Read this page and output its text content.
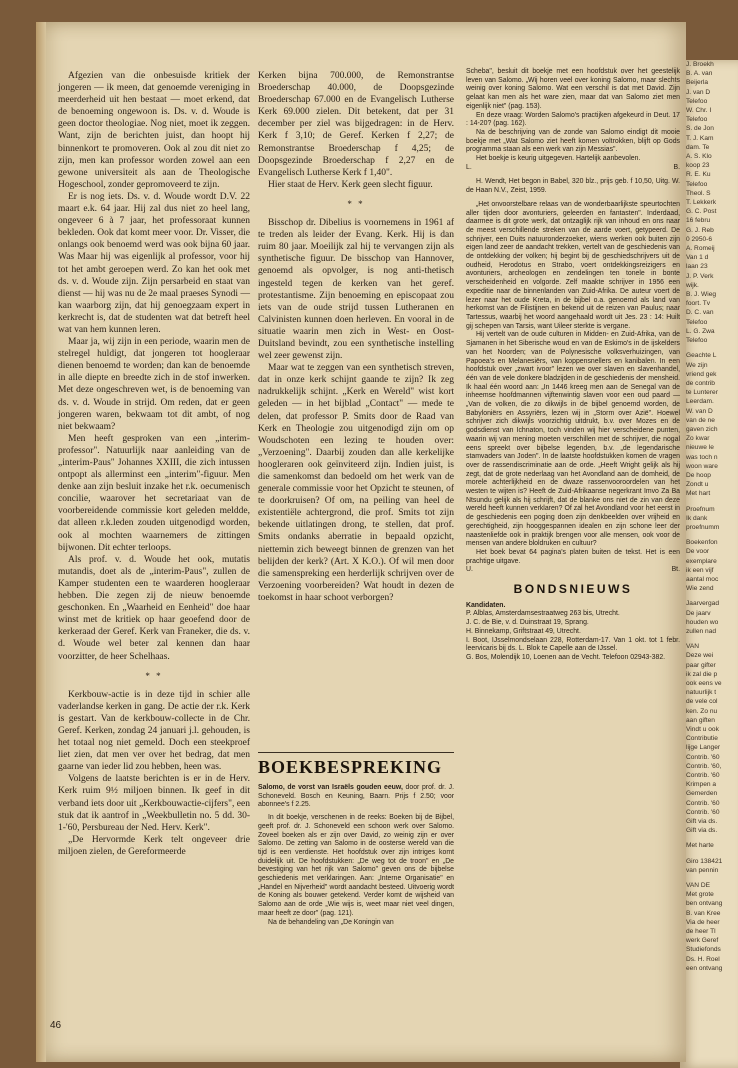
J. Broekh
B. A. van
Beijerla
J. van D
Telefoo
W. Chr. I
Telefoo
S. de Jon
T. J. Kam
dam. Te
A. S. Klo
koop 23
R. E. Ku
Telefoo
Theol. S
T. Lekkerk
G. C. Post
16 febru
G. J. Reb
0 2950-6
A. Romeij
Van 1 d
laan 23
J. P. Verk
wijk.
B. J. Wieg
foort. Tv
D. C. van
Telefoo
L. G. Zwa
Telefoo
Geachte L
We zijn
vriend gek
de contrib
te Lunterer
Leerdam.
W. van D
van de ne
gaven zich
Zo kwar
nieuwe le
was toch n
woon ware
De hoop
Zondt u
Met hart
Proefnum
Ik dank
proefnumm
Boekenfon
De voor
exemplare
ik een vijf
aantal moc
Wie zend
Jaarvergad
De jaarv
houden wo
zullen nad
VAN
Deze wei
paar gifter
ik zal die p
ook eens ve
natuurlijk t
de vele col
ken. Zo nu
aan giften
Vindt u ook
Contributie
lijge Langer
Contrib. '60
Contrib. '60,
Contrib. '60
Krimpen a
Gemerden
Contrib. '60
Contrib. '60
Gift via ds.
Gift via ds.
Met harte
Giro 138421
van pennin
VAN DE
Met grote
ben ontvang
B. van Kree
Via de heer
de heer Tl
werk Geref
Studiefonds
Ds. H. Roel
een ontvang

Afgezien van die onbesuisde kritiek der jongeren — ik meen, dat genoemde vereniging in meerderheid uit hen bestaat — moet erkend, dat de benoeming ongewoon is. Ds. v. d. Woude is geen doctor theologiae. Nog niet, moet ik zeggen. Want, zijn de berichten juist, dan hoopt hij binnenkort te promoveren. Ook al zou dit niet zo zijn, men kan professor worden zowel aan een gewone universiteit als aan de Theologische Hogeschool, zonder gepromoveerd te zijn.

Er is nog iets. Ds. v. d. Woude wordt D.V. 22 maart e.k. 64 jaar. Hij zal dus niet zo heel lang, ongeveer 6 à 7 jaar, het professoraat kunnen bekleden. Ook dat komt meer voor. Dr. Visser, die onlangs ook benoemd werd was ook bijna 60 jaar. Was Maar hij was eigenlijk al professor, voor hij tot het ambt geroepen werd. Zo kan het ook met ds. v. d. Woude zijn. Zijn persarbeid en staat van dienst — hij was nu de 2e maal praeses Synodi — kan waarborg zijn, dat hij genoegzaam expert in kerkrecht is, dat de studenten wat dat betreft heel wat van hem kunnen leren.

Maar ja, wij zijn in een periode, waarin men de stelregel huldigt, dat jongeren tot hoogleraar dienen benoemd te worden; dan kan de benoemde in alle diepte en breedte zich in de stof inwerken. Met deze ongeschreven wet, is de benoeming van ds. v. d. Woude in strijd. Om reden, dat er geen jongeren waren, bekwaam tot dit ambt, of nog niet bekwaam?

Men heeft gesproken van een „interim-professor". Natuurlijk naar aanleiding van de „interim-Paus" Johannes XXIII, die zich intussen ontpopt als allerminst een „interim"-figuur. Men denke aan zijn besluit inzake het r.k. oecumenisch concilie, waarover het secretariaat van de voorbereidende commissie kort geleden meldde, dat alleen r.k.leden zouden uitgenodigd worden, ook al mochten waarnemers de zittingen bijwonen. Dit echter terloops.

Als prof. v. d. Woude het ook, mutatis mutandis, doet als de „interim-Paus", zullen de Kamper studenten een te waarderen hoogleraar hebben. Die zegen zij de nieuw benoemde geschonken. En „Waarheid en Eenheid" doe haar winst met de kritiek op haar geoefend door de kerkeraad der Geref. Kerk van Franeker, die ds. v. d. Woude wel beter zal kennen dan haar voorzitter, de heer Schelhaas.

* *

Kerkbouw-actie is in deze tijd in schier alle vaderlandse kerken in gang. De actie der r.k. Kerk is gestart. Van de kerkbouw-collecte in de Chr. Geref. Kerken, zondag 24 januari j.l. gehouden, is het totaal nog niet gemeld. Doch een steekproef liet zien, dat men ver over het bedrag, dat men gaarne van ieder lid zou hebben, heen was.

Volgens de laatste berichten is er in de Herv. Kerk ruim 9½ miljoen binnen. Ik geef in dit verband iets door uit „Kerkbouwactie-cijfers", een stuk dat ik aantrof in „Weekbulletin no. 5 dd. 30-1-'60, Persbureau der Ned. Herv. Kerk".

„De Hervormde Kerk telt ongeveer drie miljoen zielen, de Gereformeerde

Kerken bijna 700.000, de Remonstrantse Broederschap 40.000, de Doopsgezinde Broederschap 67.000 en de Evangelisch Lutherse Kerk 69.000 zielen. Dit betekent, dat per 31 december per ziel was bijgedragen: in de Herv. Kerk f 3,10; de Geref. Kerken f 2,27; de Remonstrantse Broederschap f 4,25; de Doopsgezinde Broederschap f 2,27 en de Evangelisch Lutherse Kerk f 1,40".

Hier staat de Herv. Kerk geen slecht figuur.

* *

Bisschop dr. Dibelius is voornemens in 1961 af te treden als leider der Evang. Kerk. Hij is dan ruim 80 jaar. Moeilijk zal hij te vervangen zijn als synthetische figuur. De bisschop van Hannover, genoemd als opvolger, is nog anti-thetisch ingesteld tegen de kerken van het geref. protestantisme. Zijn benoeming en episcopaat zou iets van de oude strijd tussen Lutheranen en Calvinisten kunnen doen herleven. En vooral in de situatie waarin men zich in West- en Oost-Duitsland bevindt, zou een synthetische instelling wel zeer gewenst zijn.

Maar wat te zeggen van een synthetisch streven, dat in onze kerk schijnt gaande te zijn? Ik zeg nadrukkelijk schijnt. „Kerk en Wereld" wist kort geleden — in het bijblad „Contact" — mede te delen, dat professor P. Smits door de Raad van Kerk en Theologie zou uitgenodigd zijn om op Woudschoten een lezing te houden over: „Verzoening". Daarbij zouden dan alle kerkelijke hoogleraren ook geïnviteerd zijn. Indien juist, is die samenkomst dan bedoeld om het werk van de generale commissie voor het Opzicht te steunen, of te doorkruisen? Of om, na peiling van heel de existentiële achtergrond, die prof. Smits tot zijn bekende uitlatingen drong, te stellen, dat prof. Smits ondanks aberratie in bepaald opzicht, niettemin zich beweegt binnen de grenzen van het belijden der kerk? (Art. X K.O.). Of wil men door die samenspreking een herderlijk schrijven over de Verzoening voorbereiden? Wat houdt in dezen de toekomst in haar schoot verborgen?

BOEKBESPREKING
Salomo, de vorst van Israëls gouden eeuw, door prof. dr. J. Schoneveld. Bosch en Keuning, Baarn. Prijs f 2.50; voor abonnee's f 2.25.

In dit boekje, verschenen in de reeks: Boeken bij de Bijbel, geeft prof. dr. J. Schoneveld een schoon werk over Salomo. Zoveel boeken als er zijn over David, zo weinig zijn er over Salomo. De zetting van Salomo in de oosterse wereld van die tijd is een verdienste. Het hoofdstuk over zijn intriges komt duidelijk uit. De hoofdstukken: „De weg tot de troon" en „De bevestiging van het rijk van Salomo" geven ons de bijbelse geschiedenis met verklaringen. Aan: „Interne Organisatie" en „Handel en Nijverheid" wordt aandacht besteed. Uitvoerig wordt de Koning als bouwer getekend. Verder komt de wijsheid van Salomo aan de orde „Wie wijs is, weet maar niet veel dingen, maar heeft ze door" (pag. 121).

Na de behandeling van „De Koningin van

Scheba", besluit dit boekje met een hoofdstuk over het geestelijk leven van Salomo. „Wij horen veel over koning Salomo, maar slechts weinig over koning Salomo. Wat een verschil is dat met David. Zijn gelaat kan men als het ware zien, maar dat van Salomo ziet men eigenlijk niet" (pag. 153).

En deze vraag: Worden Salomo's practijken afgekeurd in Deut. 17 : 14-20? (pag. 162).

Na de beschrijving van de zonde van Salomo eindigt dit mooie boekje met „Wat Salomo ziet heeft komen voltrokken, blijft op Gods programma staan als een werk van zijn Messias".

Het boekje is keurig uitgegeven. Hartelijk aanbevolen.

L.	B.

H. Wendt, Het begon in Babel, 320 blz., prijs geb. f 10,50, Uitg. W. de Haan N.V., Zeist, 1959.

„Het onvoorstelbare relaas van de wonderbaarlijkste speurtochten aller tijden door avonturiers, geleerden en fantasten". Inderdaad, daarmee is dit grote werk, dat ontzaglijk rijk van inhoud en ons naar de meest verschillende streken van de aarde voert, getypeerd. De schrijver, een Duits natuuronderzoeker, wiens werken ook buiten zijn eigen land zeer de aandacht trekken, vertelt van de geschiedenis van de ontdekking der volken; hij begint bij de geschiedschrijvers uit de oudheid, Herodotus en Strabo, voert ontdekkingsreizigers en avonturiers, archeologen en zendelingen ten tonele in bonte verscheidenheid en volgorde. Zelf maakte schrijver in 1956 een expeditie naar de binnenlanden van Zuid-Afrika. De auteur voert de lezer naar het oude Kreta, in de bijbel o.a. genoemd als land van herkomst van de Filistijnen en bekend uit de reizen van Paulus; naar Tartessus, waarbij het woord aangehaald wordt uit Jes. 23 : 14: Huilt gij schepen van Tarsis, want Uileer sterkte is verganе.

Hij vertelt van de oude culturen in Midden- en Zuid-Afrika, van de Sjamanen in het Siberische woud en van de Eskimo's in de ijskelders van het Noorden; van de Polynesische volksverhuizingen, van Papoea's en Melanesiërs, van koppensnellers en kanibalen. In een hoofdstuk over „zwart ivoor" lezen we over slaven en slavenhandel, één van de vele donkere bladzijden in de geschiedenis der mensheid. Ik haal één woord aan: „In 1446 kreeg men aan de Senegal van de inheemse hoofdmannen vijftenwintig slaven voor een oud paard — „Van de volken, die zo dikwijls in de bijbel genoemd worden, de Babyloniërs en Assyriërs, lezen wij in „Storm over Azië". Hoewel schrijver zich dikwijls voorzichtig uitdrukt, b.v. over Mozes en de godsdienst van Ichnaton, toch vinden wij hier verscheidene punten, waarin wij van mening moeten verschillen met de schrijver, die nogal eens spreekt over bijbelse legenden, b.v. „de legendarische stamvaders van Joden". In de laatste hoofdstukken komen de vragen over de rassendiscriminatie aan de orde. „Heeft Wright gelijk als hij zegt, dat de grote nederlaag van het Avondland aan de domheid, de morele achterlijkheid en de dwaze rassenvooroordelen van het westen te wijten is? Heeft de Zuid-Afrikaanse negerkrant Imvo Za Ba Ntsundu gelijk als hij schrijft, dat de blanke ons niet de zin van deze wereld heeft kunnen verklaren? Of zal het Avondland voor het eerst in de geschiedenis een poging doen zijn denkbeelden over vrijheid en gerechtigheid, zijn hooggespannen idealen en zijn schone leer der naastenliefde ook in praktijk brengen voor alle mensen, ook voor de mensen van andere bloldruken en cultuur?

Het boek bevat 64 pagina's platen buiten de tekst. Het is een prachtige uitgave.

U.	Bt.
BONDSNIEUWS
Kandidaten.
P. Alblas, Amsterdamsestraatweg 263 bis, Utrecht.
J. C. de Bie, v. d. Duinstraat 19, Sprang.
H. Binnekamp, Griftstraat 49, Utrecht.
I. Boot, IJsselmondselaan 228, Rotterdam-17. Van 1 okt. tot 1 febr. leervicaris bij ds. L. Blok te Capelle aan de IJssel.
G. Bos, Molendijk 10, Loenen aan de Vecht. Telefoon 02943-382.
46
